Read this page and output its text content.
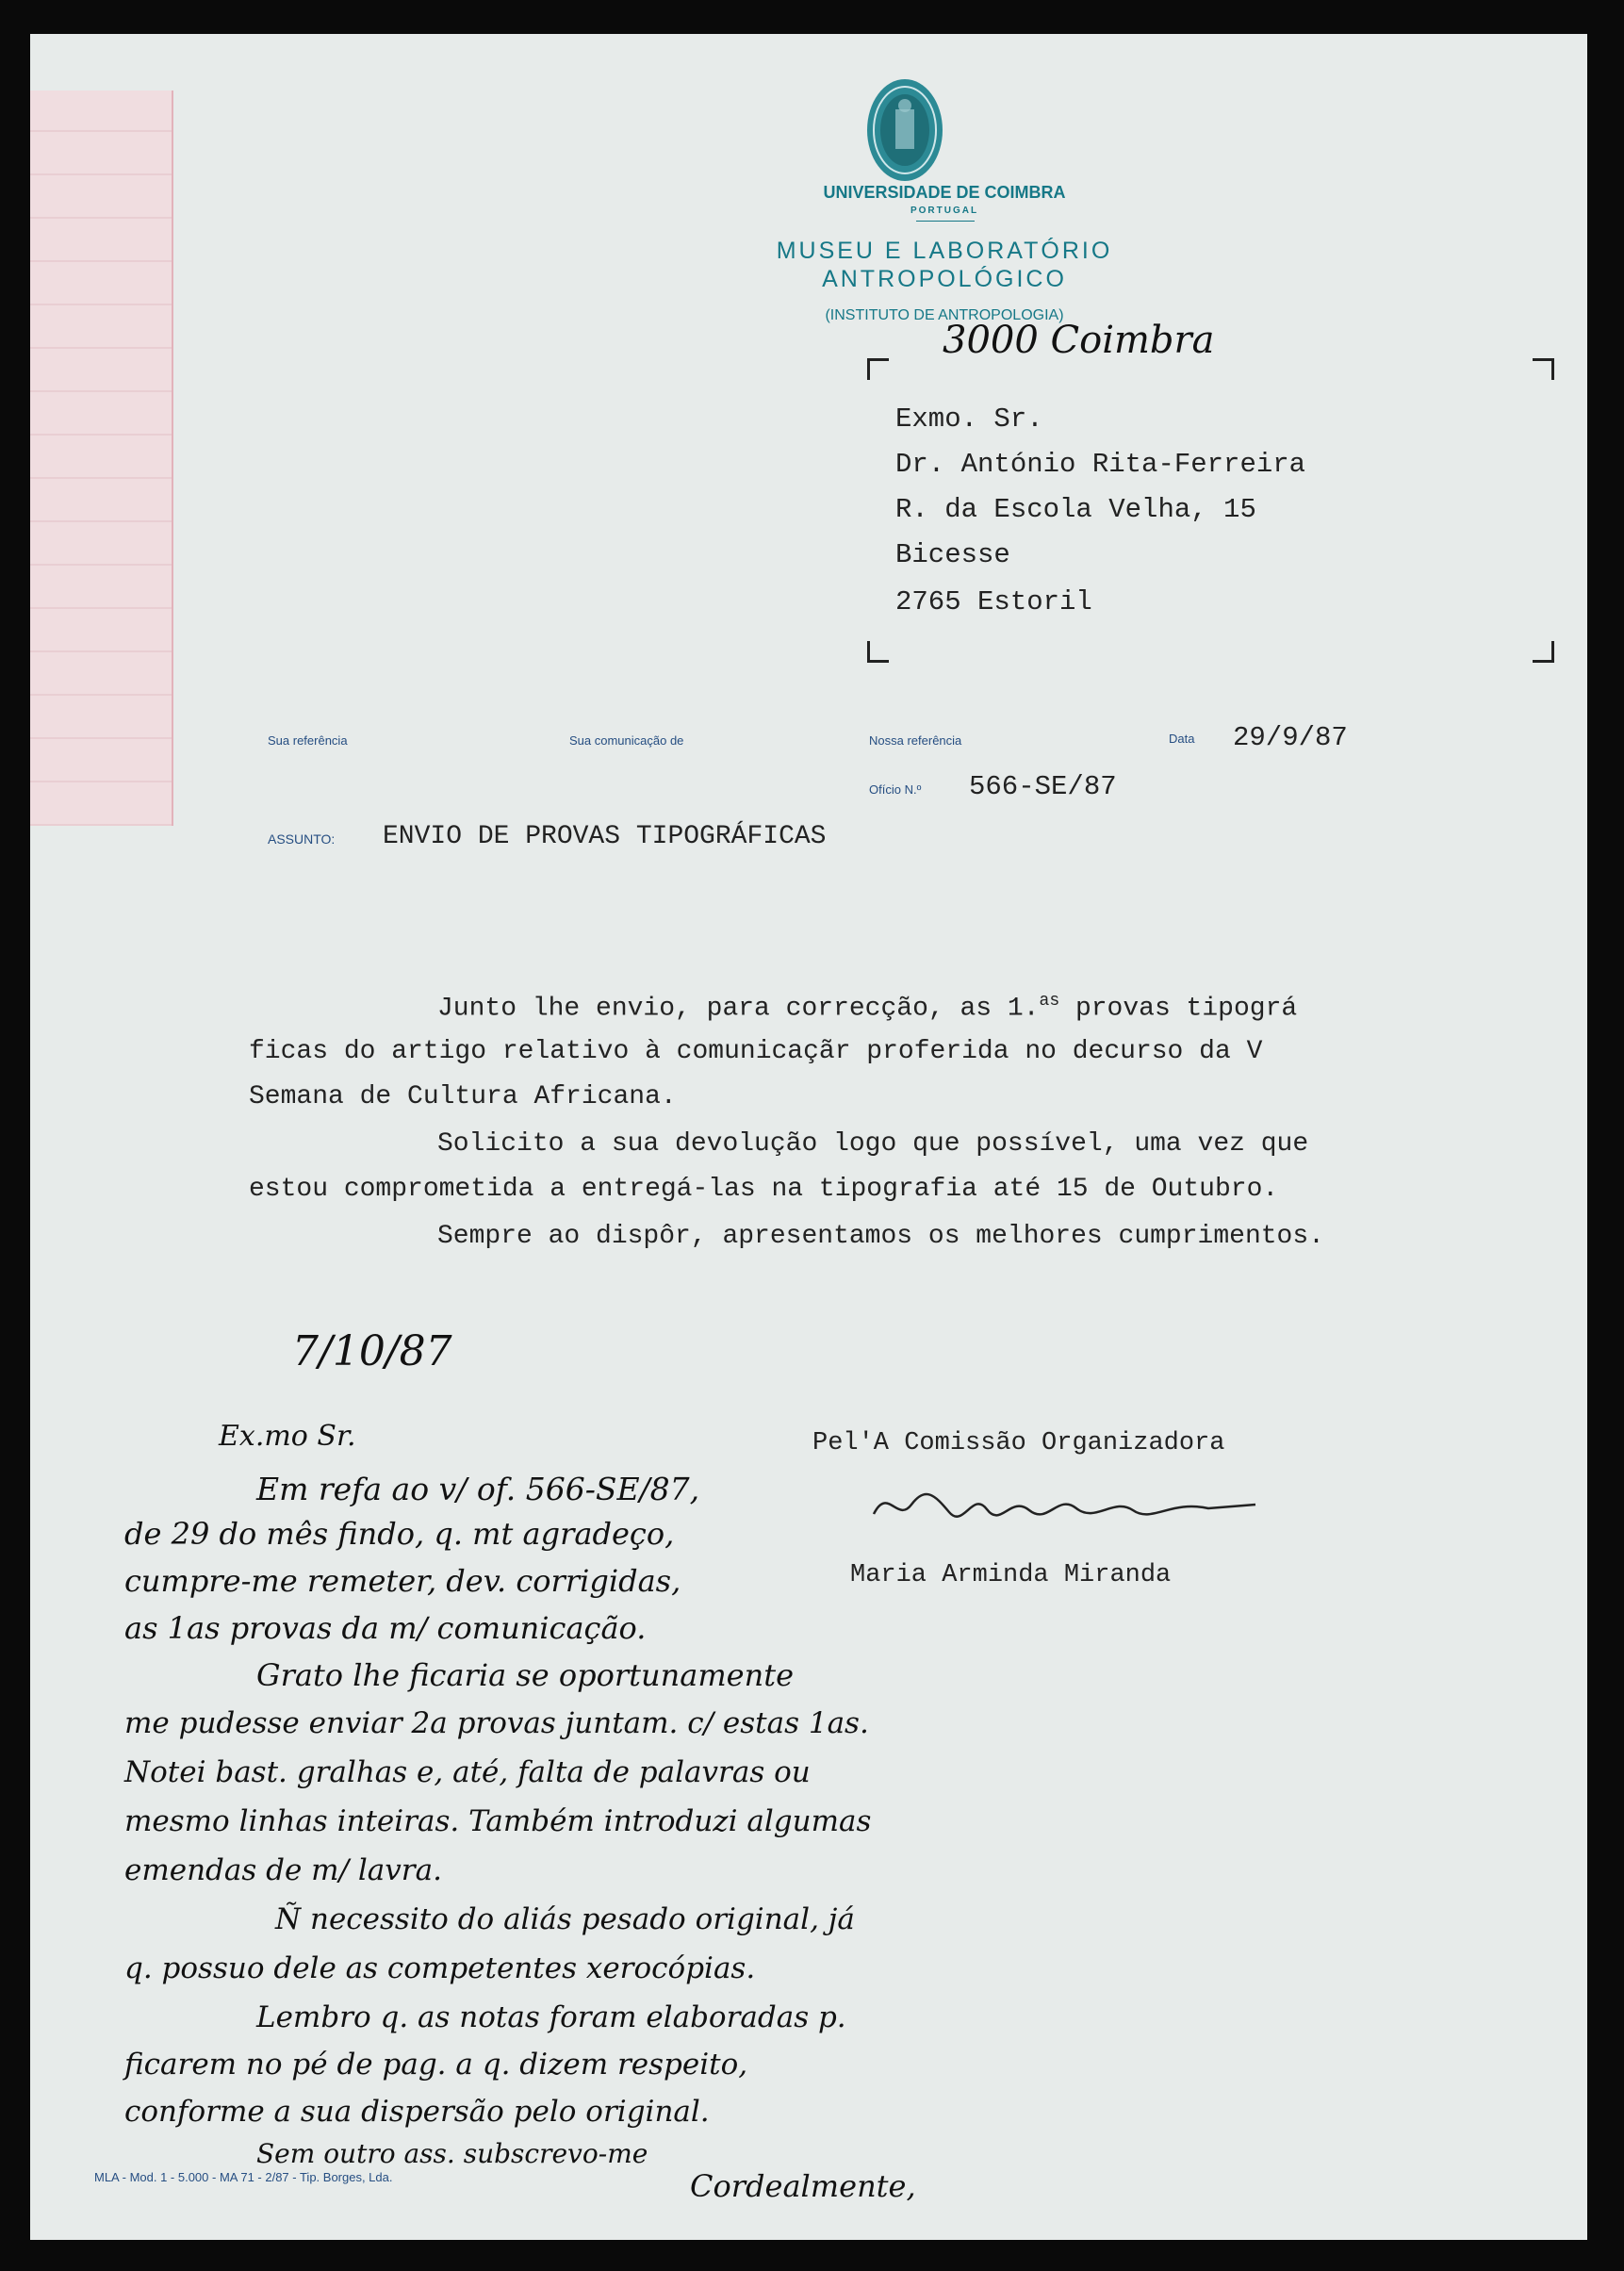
UNIVERSIDADE DE COIMBRA
PORTUGAL
MUSEU E LABORATÓRIO
ANTROPOLÓGICO
(INSTITUTO DE ANTROPOLOGIA)
3000 Coimbra
Exmo. Sr.
Dr. António Rita-Ferreira
R. da Escola Velha, 15
Bicesse
2765 Estoril
Sua referência	Sua comunicação de	Nossa referência	Data 29/9/87
Ofício N.º 566-SE/87
ASSUNTO: ENVIO DE PROVAS TIPOGRÁFICAS
Junto lhe envio, para correcção, as 1.$^{as}$ provas tipográ
ficas do artigo relativo à comunicaçãr proferida no decurso da V
Semana de Cultura Africana.
Solicito a sua devolução logo que possível, uma vez que
estou comprometida a entregá-las na tipografia até 15 de Outubro.
Sempre ao dispôr, apresentamos os melhores cumprimentos.
Pel'A Comissão Organizadora
Maria Arminda Miranda
7/10/87
Ex.mo Sr.
Em refa ao v/ of. 566-SE/87,
de 29 do mês findo, q. mt agradeço,
cumpre-me remeter, dev. corrigidas,
as 1as provas da m/ comunicação.
Grato lhe ficaria se oportunamente
me pudesse enviar 2a provas juntam. c/ estas 1as.
Notei bast. gralhas e, até, falta de palavras ou
mesmo linhas inteiras. Também introduzi algumas
emendas de m/ lavra.
Ñ necessito do aliás pesado original, já
q. possuo dele as competentes xerocópias.
Lembro q. as notas foram elaboradas p.
ficarem no pé de pag. a q. dizem respeito,
conforme a sua dispersão pelo original.
Sem outro ass. subscrevo-me
Cordealmente,
MLA - Mod. 1 - 5.000 - MA 71 - 2/87 - Tip. Borges, Lda.
